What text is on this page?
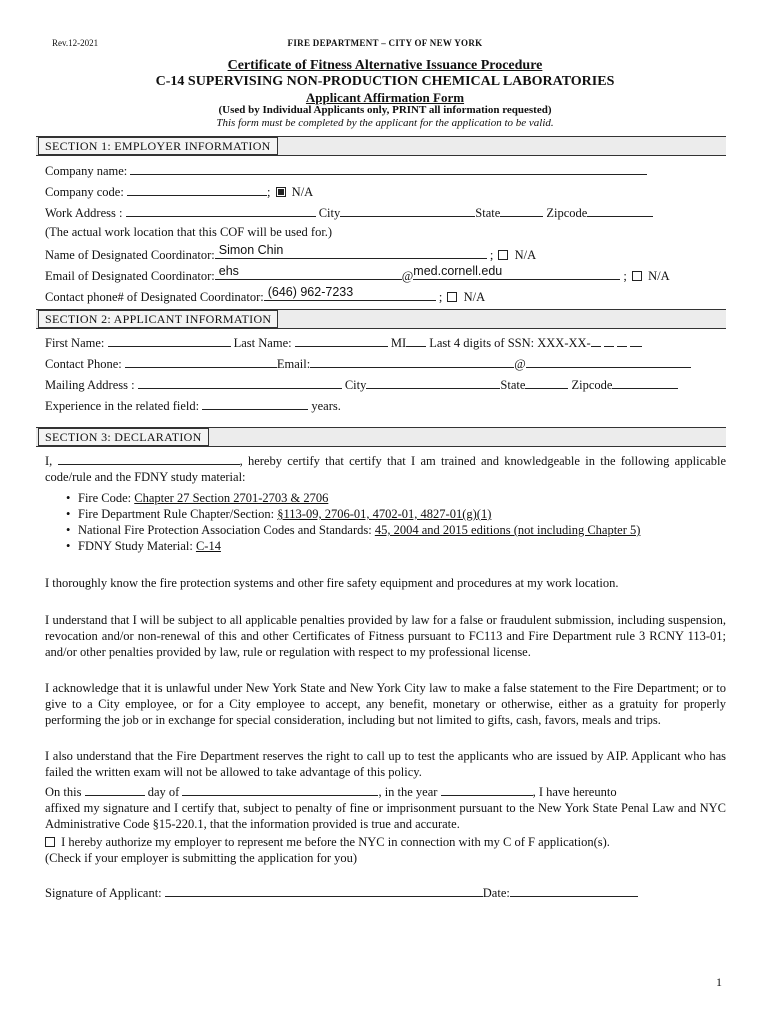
Rev.12-2021	FIRE DEPARTMENT – CITY OF NEW YORK
Certificate of Fitness Alternative Issuance Procedure
C-14 SUPERVISING NON-PRODUCTION CHEMICAL LABORATORIES
Applicant Affirmation Form
(Used by Individual Applicants only, PRINT all information requested)
This form must be completed by the applicant for the application to be valid.
SECTION 1: EMPLOYER INFORMATION
Company name:
Company code:	;  N/A
Work Address :	City	State	Zipcode
(The actual work location that this COF will be used for.)
Name of Designated Coordinator: Simon Chin	;  N/A
Email of Designated Coordinator: ehs	@ med.cornell.edu	;  N/A
Contact phone# of Designated Coordinator: (646) 962-7233	;  N/A
SECTION 2: APPLICANT INFORMATION
First Name:	Last Name:	MI Last 4 digits of SSN: XXX-XX-
Contact Phone:	Email:	@
Mailing Address :	City	State	Zipcode
Experience in the related field:	years.
SECTION 3: DECLARATION
I,	, hereby certify that certify that I am trained and knowledgeable in the following applicable code/rule and the FDNY study material:
• Fire Code: Chapter 27 Section 2701-2703 & 2706
• Fire Department Rule Chapter/Section: §113-09, 2706-01, 4702-01, 4827-01(g)(1)
• National Fire Protection Association Codes and Standards: 45, 2004 and 2015 editions (not including Chapter 5)
• FDNY Study Material: C-14
I thoroughly know the fire protection systems and other fire safety equipment and procedures at my work location.
I understand that I will be subject to all applicable penalties provided by law for a false or fraudulent submission, including suspension, revocation and/or non-renewal of this and other Certificates of Fitness pursuant to FC113 and Fire Department rule 3 RCNY 113-01; and/or other penalties provided by law, rule or regulation with respect to my professional license.
I acknowledge that it is unlawful under New York State and New York City law to make a false statement to the Fire Department; or to give to a City employee, or for a City employee to accept, any benefit, monetary or otherwise, either as a gratuity for properly performing the job or in exchange for special consideration, including but not limited to gifts, cash, favors, meals and trips.
I also understand that the Fire Department reserves the right to call up to test the applicants who are issued by AIP. Applicant who has failed the written exam will not be allowed to take advantage of this policy.
On this	day of	, in the year	, I have hereunto
affixed my signature and I certify that, subject to penalty of fine or imprisonment pursuant to the New York State Penal Law and NYC Administrative Code §15-220.1, that the information provided is true and accurate.
I hereby authorize my employer to represent me before the NYC in connection with my C of F application(s). (Check if your employer is submitting the application for you)
Signature of Applicant:	Date:
1
